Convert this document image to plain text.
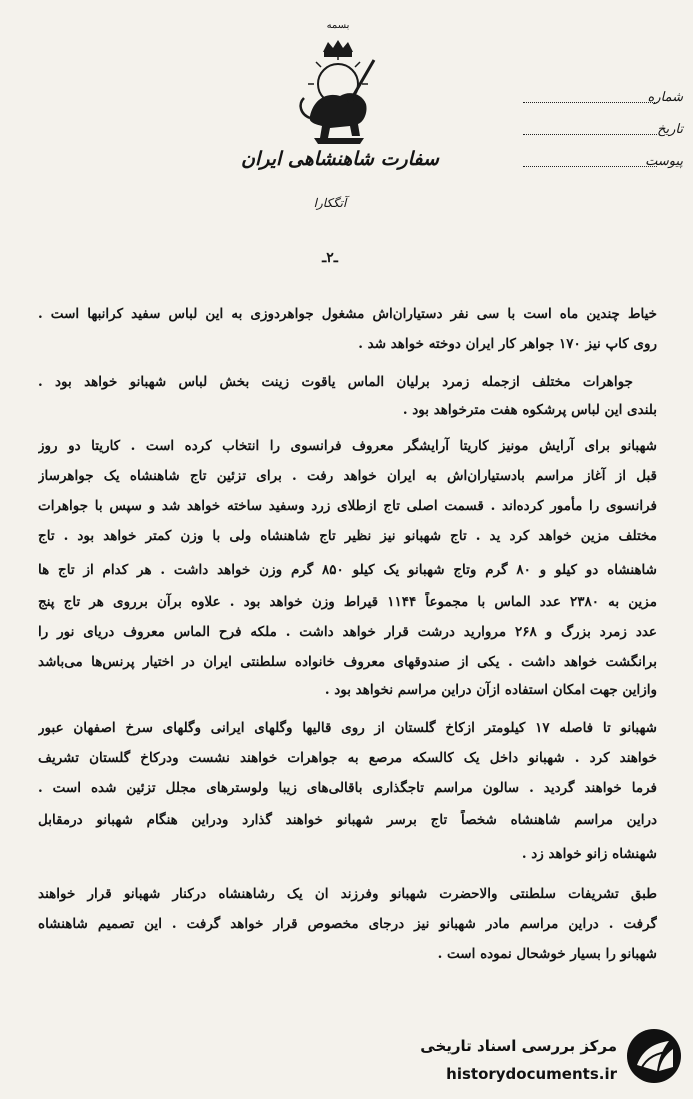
بسمه
سفارت شاهنشاهی ایران
آتگکارا
ـ۲ـ
شماره
تاریخ
پیوست
خیاط چندین ماه است با سی نفر دستیاران‌اش مشغول جواهردوزی به این لباس سفید کرانبها است .
روی کاپ نیز ۱۷۰ جواهر کار ایران دوخته خواهد شد .
جواهرات مختلف ازجمله زمرد برلیان الماس یاقوت زینت بخش لباس شهبانو خواهد بود .
بلندی این لباس پرشکوه هفت مترخواهد بود .
شهبانو برای آرایش مونیز کاریتا آرایشگر معروف فرانسوی را انتخاب کرده است . کاریتا دو روز
قبل از آغاز مراسم بادستیاران‌اش به ایران خواهد رفت . برای تزئین تاج شاهنشاه یک جواهرساز
فرانسوی را مأمور کرده‌اند . قسمت اصلی تاج ازطلای زرد وسفید ساخته خواهد شد و سپس با جواهرات
مختلف مزین خواهد کرد ید . تاج شهبانو نیز نظیر تاج شاهنشاه ولی با وزن کمتر خواهد بود . تاج
شاهنشاه دو کیلو و ۸۰ گرم وتاج شهبانو یک کیلو ۸۵۰ گرم وزن خواهد داشت . هر کدام از تاج ها
مزین به ۲۳۸۰ عدد الماس با مجموعاً ۱۱۴۴ قیراط وزن خواهد بود . علاوه برآن برروی هر تاج پنج
عدد زمرد بزرگ و ۲۶۸ مروارید درشت قرار خواهد داشت . ملکه فرح الماس معروف دریای نور را
برانگشت خواهد داشت . یکی از صندوقهای معروف خانواده سلطنتی ایران در اختیار پرنس‌ها می‌باشد
وازاین جهت امکان استفاده ازآن دراین مراسم نخواهد بود .
شهبانو تا فاصله ۱۷ کیلومتر ازکاخ گلستان از روی قالیها وگلهای ایرانی وگلهای سرخ اصفهان عبور
خواهند کرد . شهبانو داخل یک کالسکه مرصع به جواهرات خواهند نشست ودرکاخ گلستان تشریف
فرما خواهند گردید . سالون مراسم تاجگذاری باقالی‌های زیبا ولوسترهای مجلل تزئین شده است .
دراین مراسم شاهنشاه شخصاً تاج برسر شهبانو خواهند گذارد ودراین هنگام شهبانو درمقابل
شهنشاه زانو خواهد زد .
طبق تشریفات سلطنتی والاحضرت شهبانو وفرزند ان یک رشاهنشاه درکنار شهبانو قرار خواهند
گرفت . دراین مراسم مادر شهبانو نیز درجای مخصوص قرار خواهد گرفت . این تصمیم شاهنشاه
شهبانو را بسیار خوشحال نموده است .
مرکز بررسی اسناد تاریخی
historydocuments.ir
